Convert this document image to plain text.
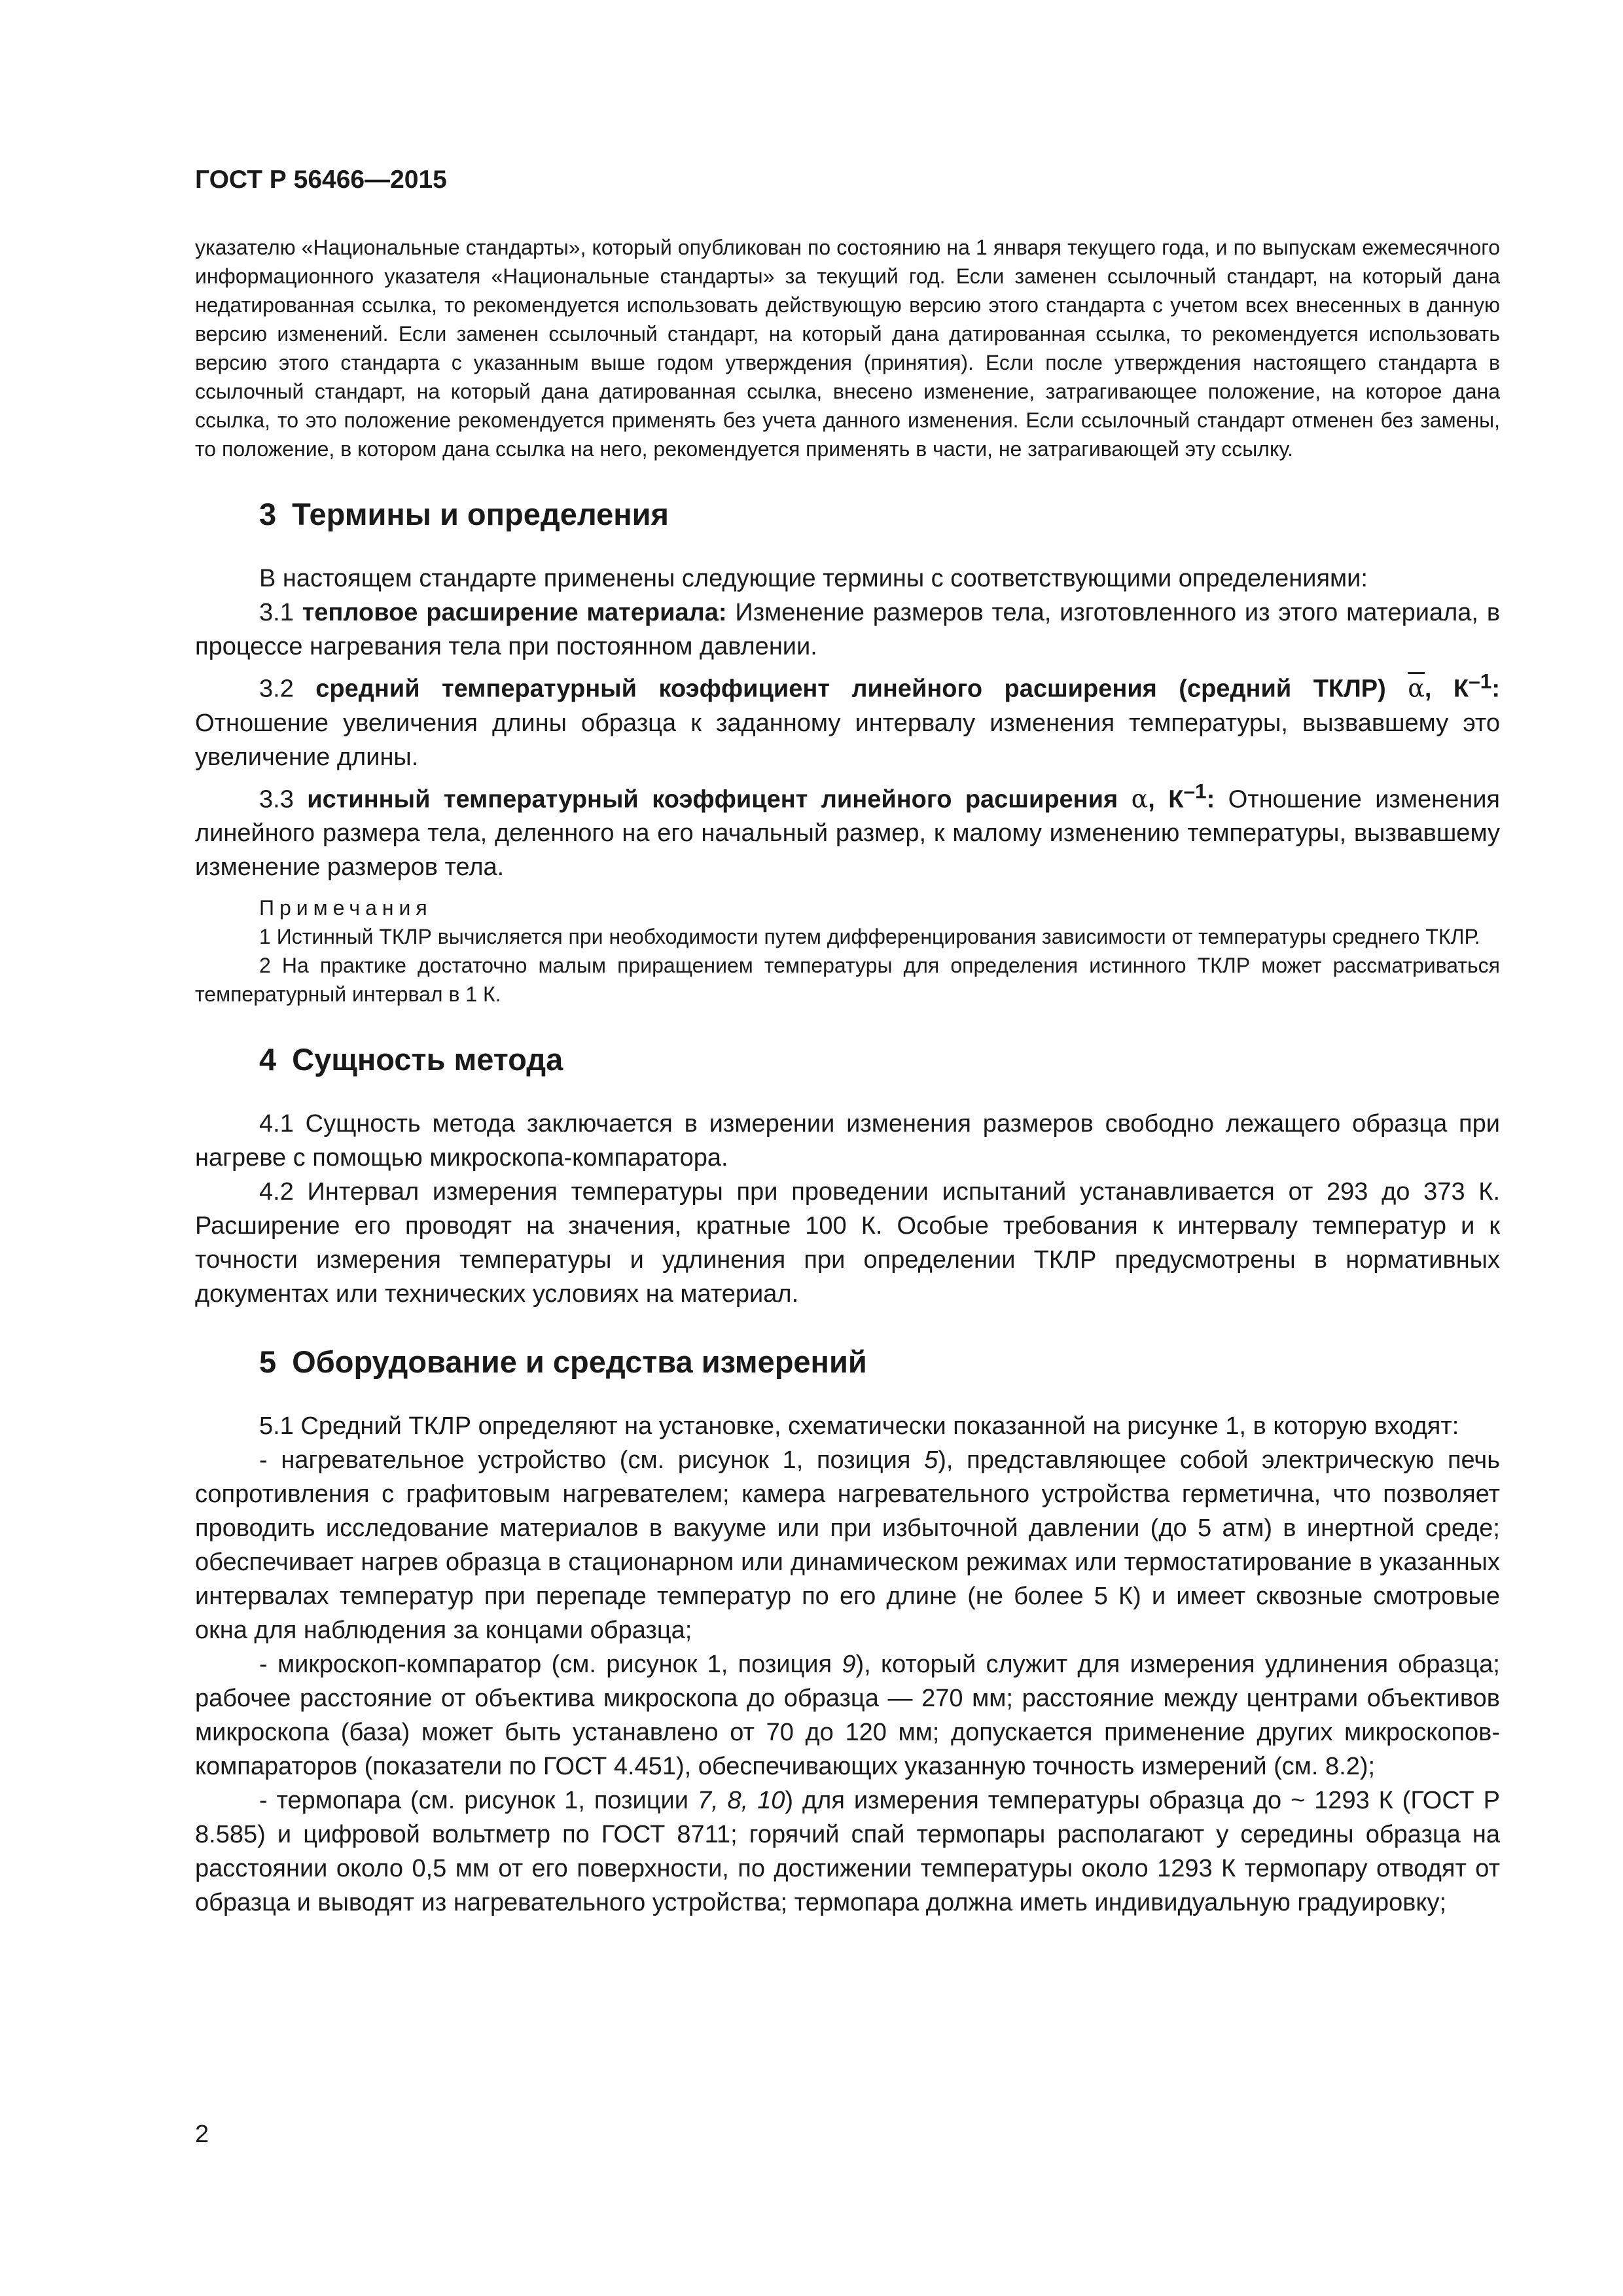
ГОСТ Р 56466—2015

указателю «Национальные стандарты», который опубликован по состоянию на 1 января текущего года, и по выпускам ежемесячного информационного указателя «Национальные стандарты» за текущий год. Если заменен ссылочный стандарт, на который дана недатированная ссылка, то рекомендуется использовать действующую версию этого стандарта с учетом всех внесенных в данную версию изменений. Если заменен ссылочный стандарт, на который дана датированная ссылка, то рекомендуется использовать версию этого стандарта с указанным выше годом утверждения (принятия). Если после утверждения настоящего стандарта в ссылочный стандарт, на который дана датированная ссылка, внесено изменение, затрагивающее положение, на которое дана ссылка, то это положение рекомендуется применять без учета данного изменения. Если ссылочный стандарт отменен без замены, то положение, в котором дана ссылка на него, рекомендуется применять в части, не затрагивающей эту ссылку.

3 Термины и определения

В настоящем стандарте применены следующие термины с соответствующими определениями:

3.1 тепловое расширение материала: Изменение размеров тела, изготовленного из этого материала, в процессе нагревания тела при постоянном давлении.

3.2 средний температурный коэффициент линейного расширения (средний ТКЛР) $\overline{\alpha}$, $К^{-1}$: Отношение увеличения длины образца к заданному интервалу изменения температуры, вызвавшему это увеличение длины.

3.3 истинный температурный коэффицент линейного расширения α, $К^{-1}$: Отношение изменения линейного размера тела, деленного на его начальный размер, к малому изменению температуры, вызвавшему изменение размеров тела.

Примечания

1 Истинный ТКЛР вычисляется при необходимости путем дифференцирования зависимости от температуры среднего ТКЛР.

2 На практике достаточно малым приращением температуры для определения истинного ТКЛР может рассматриваться температурный интервал в 1 К.

4 Сущность метода

4.1 Сущность метода заключается в измерении изменения размеров свободно лежащего образца при нагреве с помощью микроскопа-компаратора.

4.2 Интервал измерения температуры при проведении испытаний устанавливается от 293 до 373 К. Расширение его проводят на значения, кратные 100 К. Особые требования к интервалу температур и к точности измерения температуры и удлинения при определении ТКЛР предусмотрены в нормативных документах или технических условиях на материал.

5 Оборудование и средства измерений

5.1 Средний ТКЛР определяют на установке, схематически показанной на рисунке 1, в которую входят:

- нагревательное устройство (см. рисунок 1, позиция 5), представляющее собой электрическую печь сопротивления с графитовым нагревателем; камера нагревательного устройства герметична, что позволяет проводить исследование материалов в вакууме или при избыточной давлении (до 5 атм) в инертной среде; обеспечивает нагрев образца в стационарном или динамическом режимах или термостатирование в указанных интервалах температур при перепаде температур по его длине (не более 5 К) и имеет сквозные смотровые окна для наблюдения за концами образца;

- микроскоп-компаратор (см. рисунок 1, позиция 9), который служит для измерения удлинения образца; рабочее расстояние от объектива микроскопа до образца — 270 мм; расстояние между центрами объективов микроскопа (база) может быть устанавлено от 70 до 120 мм; допускается применение других микроскопов-компараторов (показатели по ГОСТ 4.451), обеспечивающих указанную точность измерений (см. 8.2);

- термопара (см. рисунок 1, позиции 7, 8, 10) для измерения температуры образца до ~ 1293 К (ГОСТ Р 8.585) и цифровой вольтметр по ГОСТ 8711; горячий спай термопары располагают у середины образца на расстоянии около 0,5 мм от его поверхности, по достижении температуры около 1293 К термопару отводят от образца и выводят из нагревательного устройства; термопара должна иметь индивидуальную градуировку;

2
